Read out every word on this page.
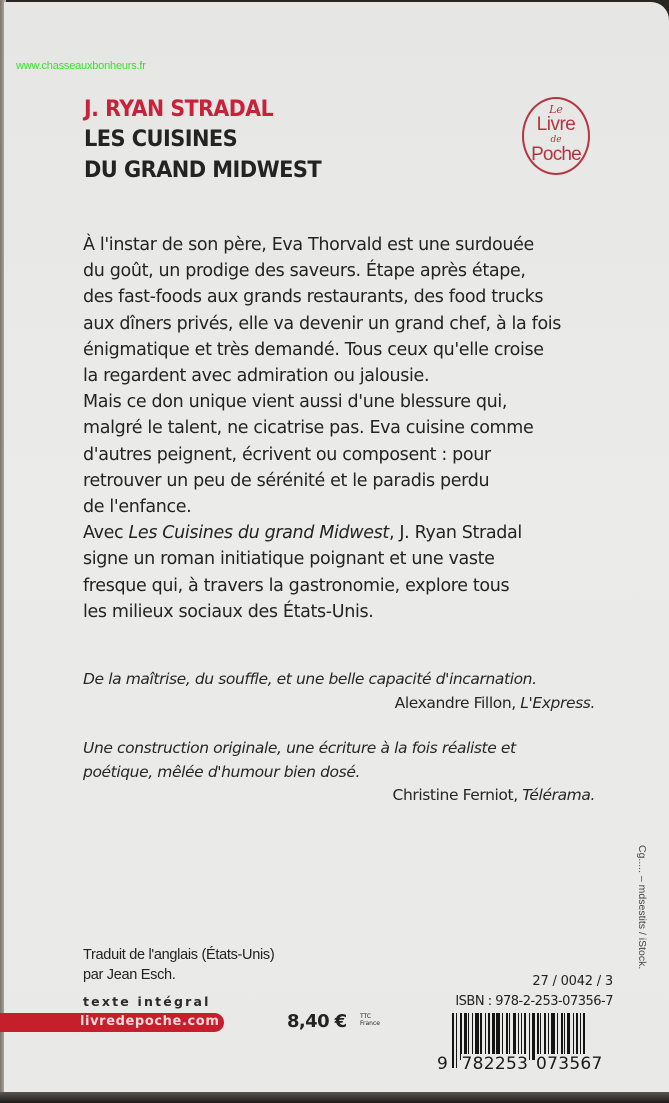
www.chasseauxbonheurs.fr
J. RYAN STRADAL
LES CUISINES
DU GRAND MIDWEST
Le
Livre
de
Poche
À l'instar de son père, Eva Thorvald est une surdouée
du goût, un prodige des saveurs. Étape après étape,
des fast-foods aux grands restaurants, des food trucks
aux dîners privés, elle va devenir un grand chef, à la fois
énigmatique et très demandé. Tous ceux qu'elle croise
la regardent avec admiration ou jalousie.
Mais ce don unique vient aussi d'une blessure qui,
malgré le talent, ne cicatrise pas. Eva cuisine comme
d'autres peignent, écrivent ou composent : pour
retrouver un peu de sérénité et le paradis perdu
de l'enfance.
Avec Les Cuisines du grand Midwest, J. Ryan Stradal
signe un roman initiatique poignant et une vaste
fresque qui, à travers la gastronomie, explore tous
les milieux sociaux des États-Unis.
De la maîtrise, du souffle, et une belle capacité d'incarnation.
Alexandre Fillon, L'Express.
Une construction originale, une écriture à la fois réaliste et
poétique, mêlée d'humour bien dosé.
Christine Ferniot, Télérama.
Cg..... – mdsestits / iStock.
Traduit de l'anglais (États-Unis)
par Jean Esch.
texte intégral
livredepoche.com	8,40 € TTC
France
27 / 0042 / 3
ISBN : 978-2-253-07356-7
9 782253 073567
